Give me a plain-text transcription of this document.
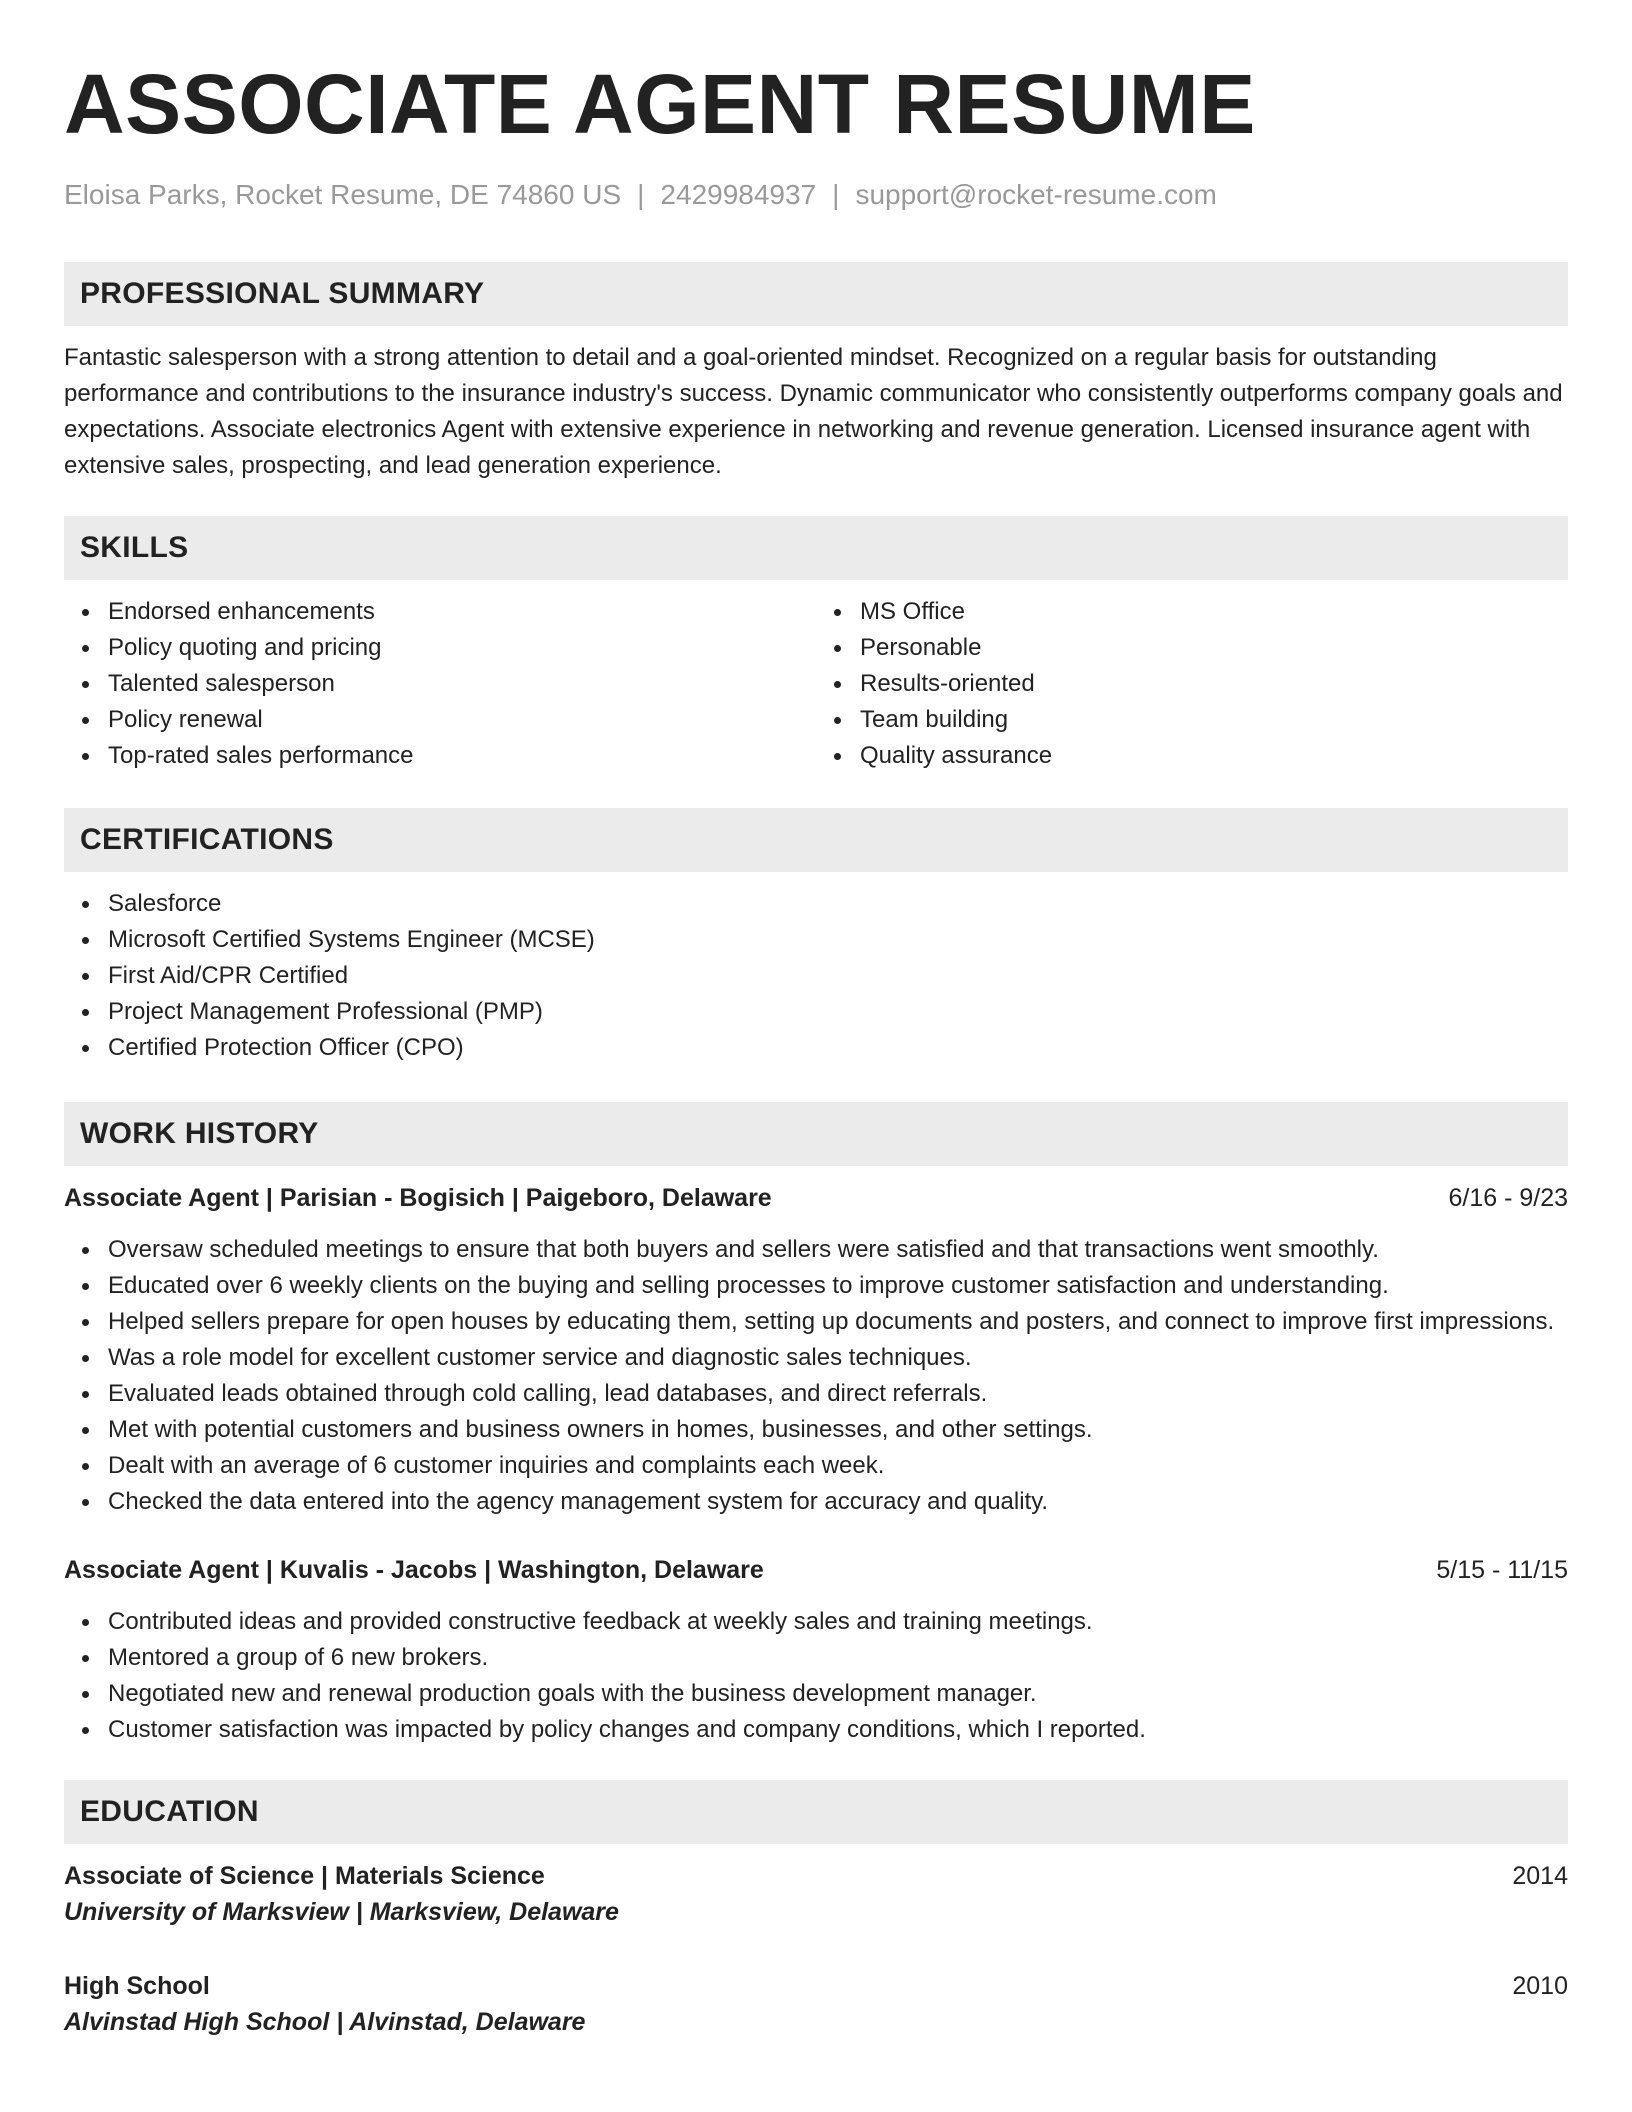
ASSOCIATE AGENT RESUME
Eloisa Parks, Rocket Resume, DE 74860 US | 2429984937 | support@rocket-resume.com
PROFESSIONAL SUMMARY

Fantastic salesperson with a strong attention to detail and a goal-oriented mindset. Recognized on a regular basis for outstanding performance and contributions to the insurance industry's success. Dynamic communicator who consistently outperforms company goals and expectations. Associate electronics Agent with extensive experience in networking and revenue generation. Licensed insurance agent with extensive sales, prospecting, and lead generation experience.

SKILLS
Endorsed enhancements
Policy quoting and pricing
Talented salesperson
Policy renewal
Top-rated sales performance
MS Office
Personable
Results-oriented
Team building
Quality assurance
CERTIFICATIONS
Salesforce
Microsoft Certified Systems Engineer (MCSE)
First Aid/CPR Certified
Project Management Professional (PMP)
Certified Protection Officer (CPO)
WORK HISTORY
Associate Agent | Parisian - Bogisich | Paigeboro, Delaware	6/16 - 9/23
Oversaw scheduled meetings to ensure that both buyers and sellers were satisfied and that transactions went smoothly.
Educated over 6 weekly clients on the buying and selling processes to improve customer satisfaction and understanding.
Helped sellers prepare for open houses by educating them, setting up documents and posters, and connect to improve first impressions.
Was a role model for excellent customer service and diagnostic sales techniques.
Evaluated leads obtained through cold calling, lead databases, and direct referrals.
Met with potential customers and business owners in homes, businesses, and other settings.
Dealt with an average of 6 customer inquiries and complaints each week.
Checked the data entered into the agency management system for accuracy and quality.
Associate Agent | Kuvalis - Jacobs | Washington, Delaware	5/15 - 11/15
Contributed ideas and provided constructive feedback at weekly sales and training meetings.
Mentored a group of 6 new brokers.
Negotiated new and renewal production goals with the business development manager.
Customer satisfaction was impacted by policy changes and company conditions, which I reported.
EDUCATION
Associate of Science | Materials Science	2014
University of Marksview | Marksview, Delaware
High School	2010
Alvinstad High School | Alvinstad, Delaware
